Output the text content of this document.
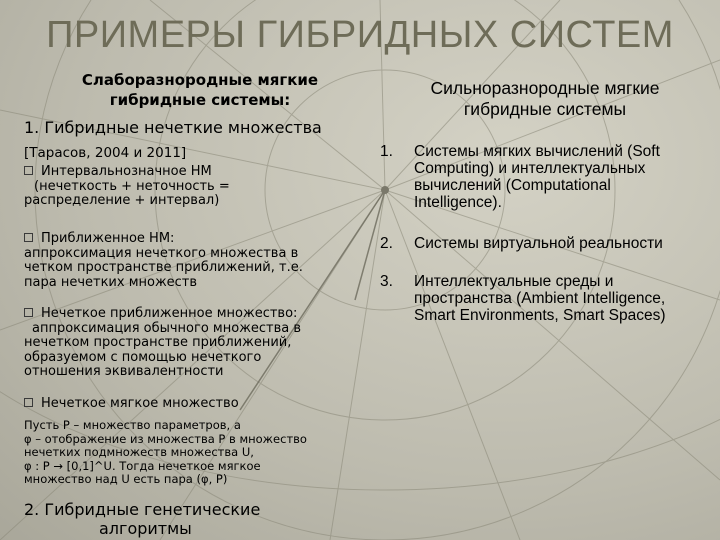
ПРИМЕРЫ ГИБРИДНЫХ СИСТЕМ
Слаборазнородные мягкие
гибридные системы:
1. Гибридные нечеткие множества
[Тарасов, 2004 и 2011]
Интервальнозначное НМ
(нечеткость + неточность =
распределение + интервал)
Приближенное НМ:
аппроксимация нечеткого множества в
четком пространстве приближений, т.е.
пара нечетких множеств
Нечеткое приближенное множество:
аппроксимация обычного множества в
нечетком пространстве приближений,
образуемом с помощью нечеткого
отношения эквивалентности
Нечеткое мягкое множество
Пусть P – множество параметров, а
φ – отображение из множества P в множество
нечетких подмножеств множества U,
φ : P → [0,1]^U. Тогда нечеткое мягкое
множество над U есть пара (φ, P)
2. Гибридные генетические
алгоритмы
Сильноразнородные мягкие
гибридные системы
1. Системы мягких вычислений (Soft
Computing) и интеллектуальных
вычислений (Computational
Intelligence).
2. Системы виртуальной реальности
3. Интеллектуальные среды и
пространства (Ambient Intelligence,
Smart Environments, Smart Spaces)
